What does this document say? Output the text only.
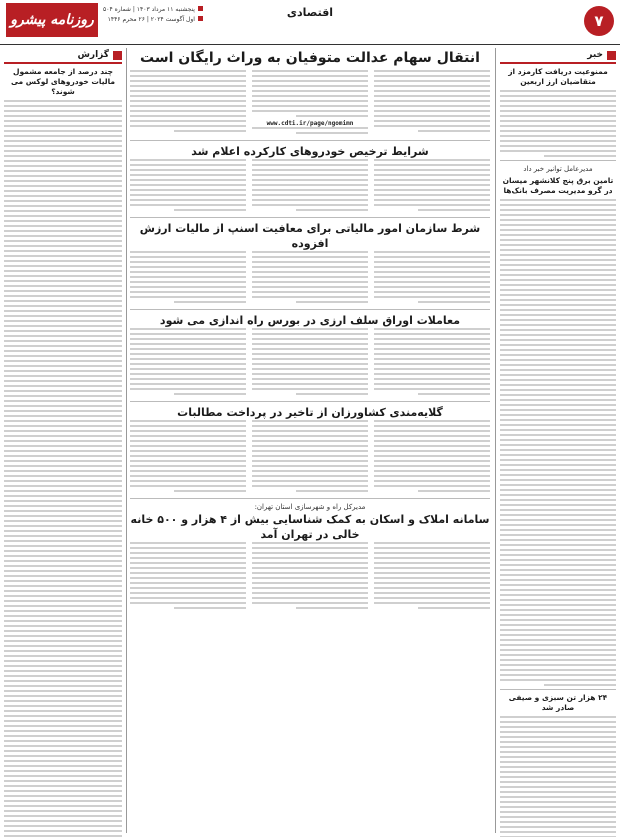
۷
اقتصادی
روزنامه پیشرو
پنجشنبه ۱۱ مرداد ۱۴۰۳ | شماره ۵۰۴
اول آگوست ۲۰۲۴ | ۲۶ محرم ۱۴۴۶
خبر
ممنوعیت دریافت کارمزد از متقاضیان ارز اربعین
مدیرعامل توانیر خبر داد
تامین برق پنج کلانشهر میسان در گرو مدیریت مصرف بانک‌ها
۲۴ هزار تن سبزی و صیفی صادر شد
گزارش
چند درصد از جامعه مشمول مالیات خودروهای لوکس می شوند؟
انتقال سهام عدالت متوفیان به وراث رایگان است
www.cdti.ir/page/ngomimn
شرایط ترخیص خودروهای کارکرده اعلام شد
شرط سازمان امور مالیاتی برای معافیت اسنپ از مالیات ارزش افزوده
معاملات اوراق سلف ارزی در بورس راه اندازی می شود
گلایه‌مندی کشاورزان از تاخیر در پرداخت مطالبات
مدیرکل راه و شهرسازی استان تهران:
سامانه املاک و اسکان به کمک شناسایی بیش از ۴ هزار و ۵۰۰ خانه خالی در تهران آمد
